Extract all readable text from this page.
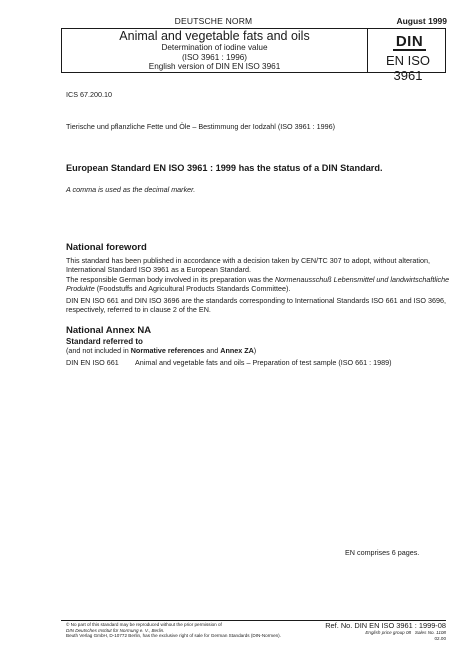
DEUTSCHE NORM	August 1999
Animal and vegetable fats and oils
Determination of iodine value
(ISO 3961 : 1996)
English version of DIN EN ISO 3961
DIN
EN ISO 3961
ICS 67.200.10
Tierische und pflanzliche Fette und Öle – Bestimmung der Iodzahl (ISO 3961 : 1996)
European Standard EN ISO 3961 : 1999 has the status of a DIN Standard.
A comma is used as the decimal marker.
National foreword
This standard has been published in accordance with a decision taken by CEN/TC 307 to adopt, without alteration, International Standard ISO 3961 as a European Standard.
The responsible German body involved in its preparation was the Normenausschuß Lebensmittel und landwirtschaftliche Produkte (Foodstuffs and Agricultural Products Standards Committee).
DIN EN ISO 661 and DIN ISO 3696 are the standards corresponding to International Standards ISO 661 and ISO 3696, respectively, referred to in clause 2 of the EN.
National Annex NA
Standard referred to
(and not included in Normative references and Annex ZA)
DIN EN ISO 661 Animal and vegetable fats and oils – Preparation of test sample (ISO 661 : 1989)
EN comprises 6 pages.
© No part of this standard may be reproduced without the prior permission of
DIN Deutsches Institut für Normung e. V., Berlin.
Beuth Verlag GmbH, D-10772 Berlin, has the exclusive right of sale for German Standards (DIN-Normen).
Ref. No. DIN EN ISO 3961 : 1999-08
English price group 08 Sales No. 1108
02.00
